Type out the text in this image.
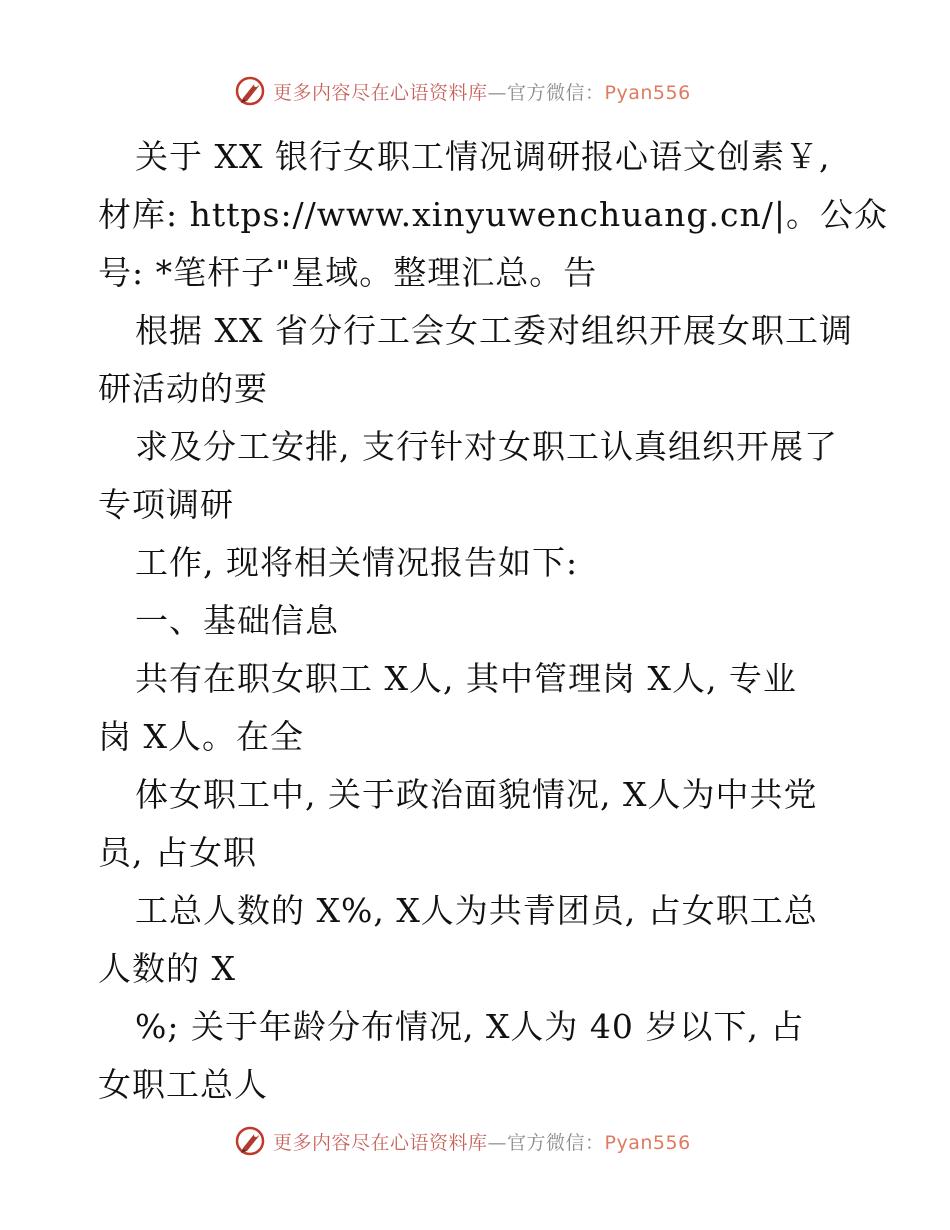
更多内容尽在心语资料库—官方微信：Pyan556
关于 XX 银行女职工情况调研报心语文创素￥,
材库: https://www.xinyuwenchuang.cn/|。公众
号: *笔杆子"星域。整理汇总。告
根据 XX 省分行工会女工委对组织开展女职工调
研活动的要
求及分工安排, 支行针对女职工认真组织开展了
专项调研
工作, 现将相关情况报告如下:
一、基础信息
共有在职女职工 X人, 其中管理岗 X人, 专业
岗 X人。在全
体女职工中, 关于政治面貌情况, X人为中共党
员, 占女职
工总人数的 X%, X人为共青团员, 占女职工总
人数的 X
%; 关于年龄分布情况, X人为 40 岁以下, 占
女职工总人
更多内容尽在心语资料库—官方微信：Pyan556
